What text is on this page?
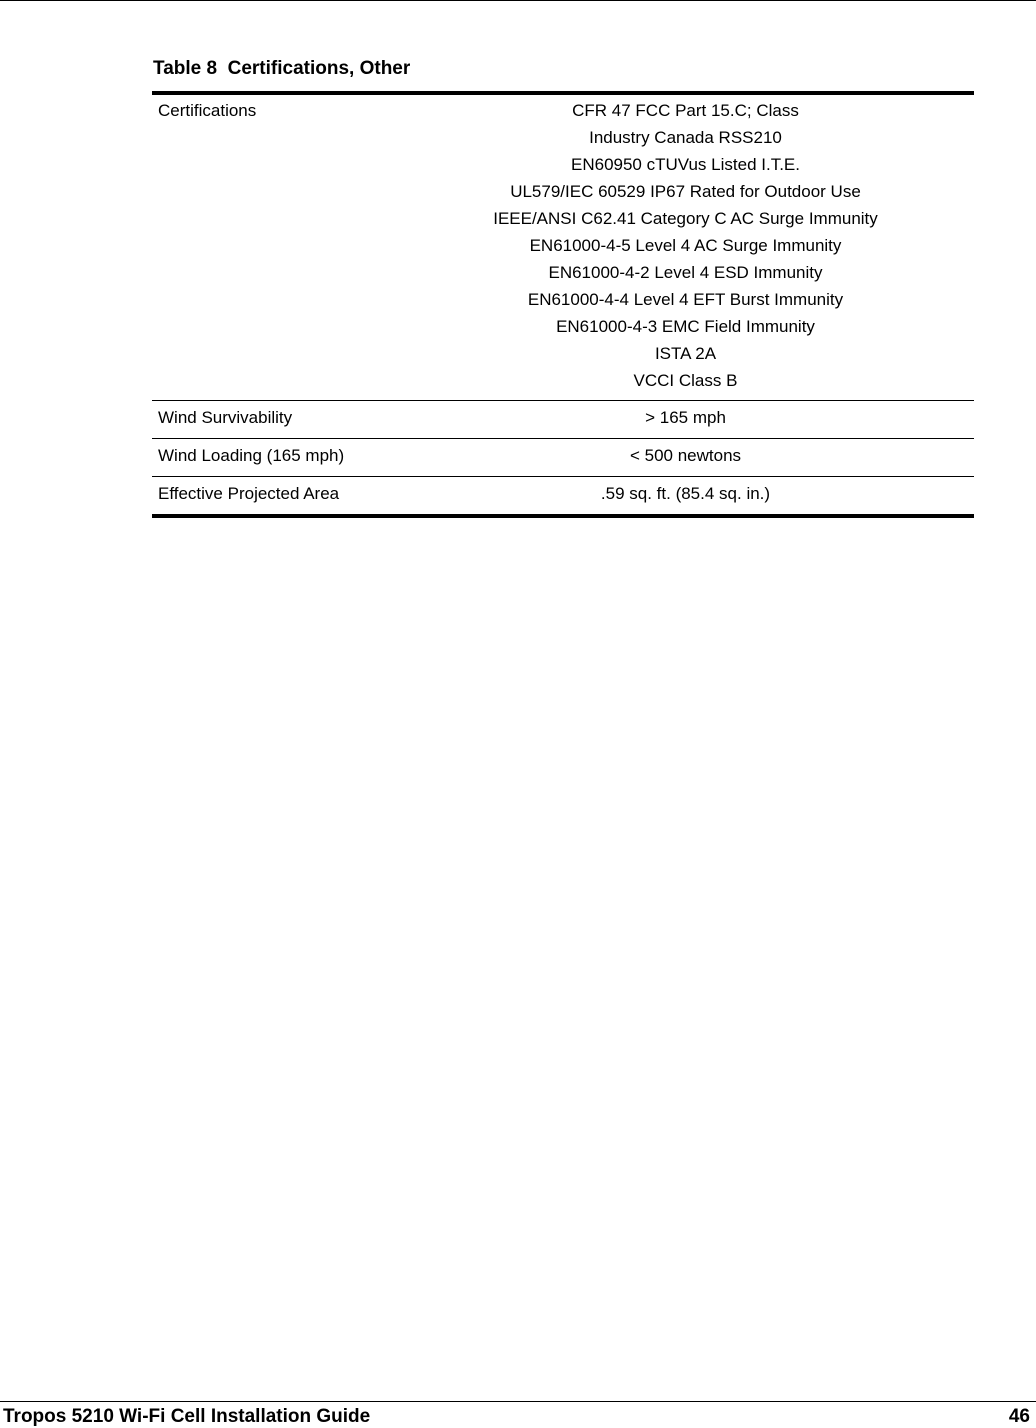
Table 8  Certifications, Other
Certifications	CFR 47 FCC Part 15.C; Class
Industry Canada RSS210
EN60950 cTUVus Listed I.T.E.
UL579/IEC 60529 IP67 Rated for Outdoor Use
IEEE/ANSI C62.41 Category C AC Surge Immunity
EN61000-4-5 Level 4 AC Surge Immunity
EN61000-4-2 Level 4 ESD Immunity
EN61000-4-4 Level 4 EFT Burst Immunity
EN61000-4-3 EMC Field Immunity
ISTA 2A
VCCI Class B
Wind Survivability	> 165 mph
Wind Loading (165 mph)	< 500 newtons
Effective Projected Area	.59 sq. ft. (85.4 sq. in.)
Tropos 5210 Wi-Fi Cell Installation Guide	46
